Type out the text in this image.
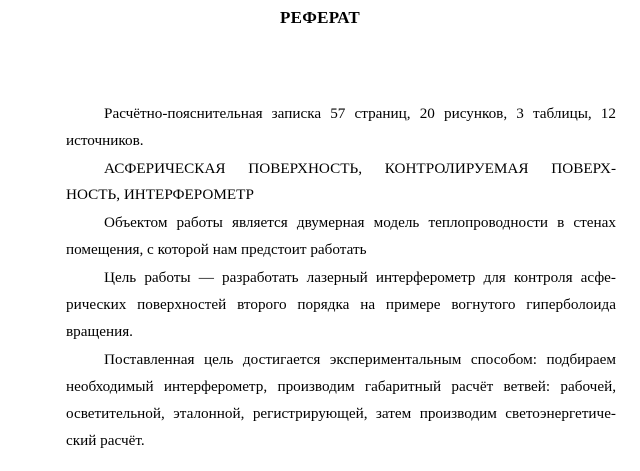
РЕФЕРАТ
Расчётно-пояснительная записка 57 страниц, 20 рисунков, 3 таблицы, 12
источников.
АСФЕРИЧЕСКАЯ ПОВЕРХНОСТЬ, КОНТРОЛИРУЕМАЯ ПОВЕРХ-
НОСТЬ, ИНТЕРФЕРОМЕТР
Объектом работы является двумерная модель теплопроводности в стенах
помещения, с которой нам предстоит работать
Цель работы — разработать лазерный интерферометр для контроля асфе-
рических поверхностей второго порядка на примере вогнутого гиперболоида
вращения.
Поставленная цель достигается экспериментальным способом: подбираем
необходимый интерферометр, производим габаритный расчёт ветвей: рабочей,
осветительной, эталонной, регистрирующей, затем производим светоэнергетиче-
ский расчёт.
